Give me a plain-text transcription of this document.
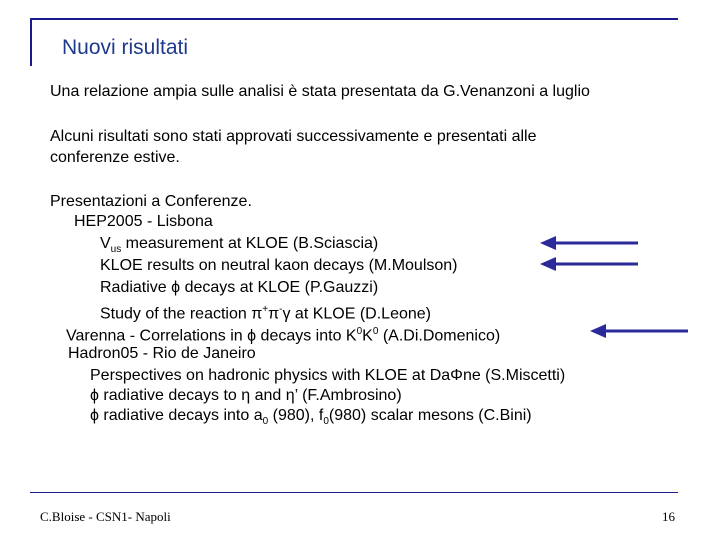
Nuovi risultati
Una relazione ampia sulle analisi è stata presentata da G.Venanzoni a luglio
Alcuni risultati sono stati approvati successivamente e presentati alle
conferenze estive.
Presentazioni a Conferenze.
HEP2005 - Lisbona
$V_{us}$ measurement at KLOE (B.Sciascia)
KLOE results on neutral kaon decays (M.Moulson)
Radiative ϕ decays at KLOE (P.Gauzzi)
Study of the reaction π+π-γ at KLOE (D.Leone)
Varenna - Correlations in ϕ decays into $K^0K^0$ (A.Di.Domenico)
Hadron05 - Rio de Janeiro
Perspectives on hadronic physics with KLOE at DaΦne (S.Miscetti)
ϕ radiative decays to η and η’ (F.Ambrosino)
ϕ radiative decays into $a_0$ (980), $f_0(980)$ scalar mesons (C.Bini)
C.Bloise - CSN1- Napoli	16
